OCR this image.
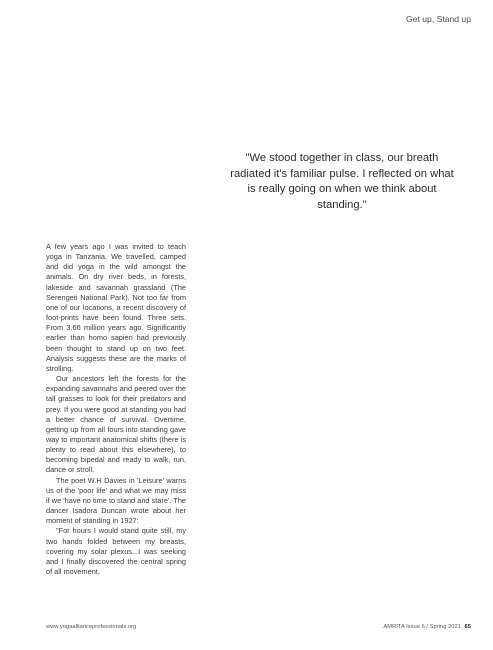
Get up, Stand up
"We stood together in class, our breath radiated it's familiar pulse. I reflected on what is really going on when we think about standing."

A few years ago I was invited to teach yoga in Tanzania. We travelled, camped and did yoga in the wild amongst the animals. On dry river beds, in forests, lakeside and savannah grassland (The Serengeti National Park). Not too far from one of our locations, a recent discovery of foot-prints have been found. Three sets. From 3.66 million years ago. Significantly earlier than homo sapien had previously been thought to stand up on two feet. Analysis suggests these are the marks of strolling.

Our ancestors left the forests for the expanding savannahs and peered over the tall grasses to look for their predators and prey. If you were good at standing you had a better chance of survival. Overtime, getting up from all fours into standing gave way to important anatomical shifts (there is plenty to read about this elsewhere), to becoming bipedal and ready to walk, run, dance or stroll.

The poet W.H Davies in 'Leisure' warns us of the 'poor life' and what we may miss if we 'have no time to stand and stare'. The dancer Isadora Duncan wrote about her moment of standing in 1927:

"For hours I would stand quite still, my two hands folded between my breasts, covering my solar plexus...I was seeking and I finally discovered the central spring of all movement,

www.yogaallianceprofessionals.org	AMRITA Issue 6 / Spring 2021 65
